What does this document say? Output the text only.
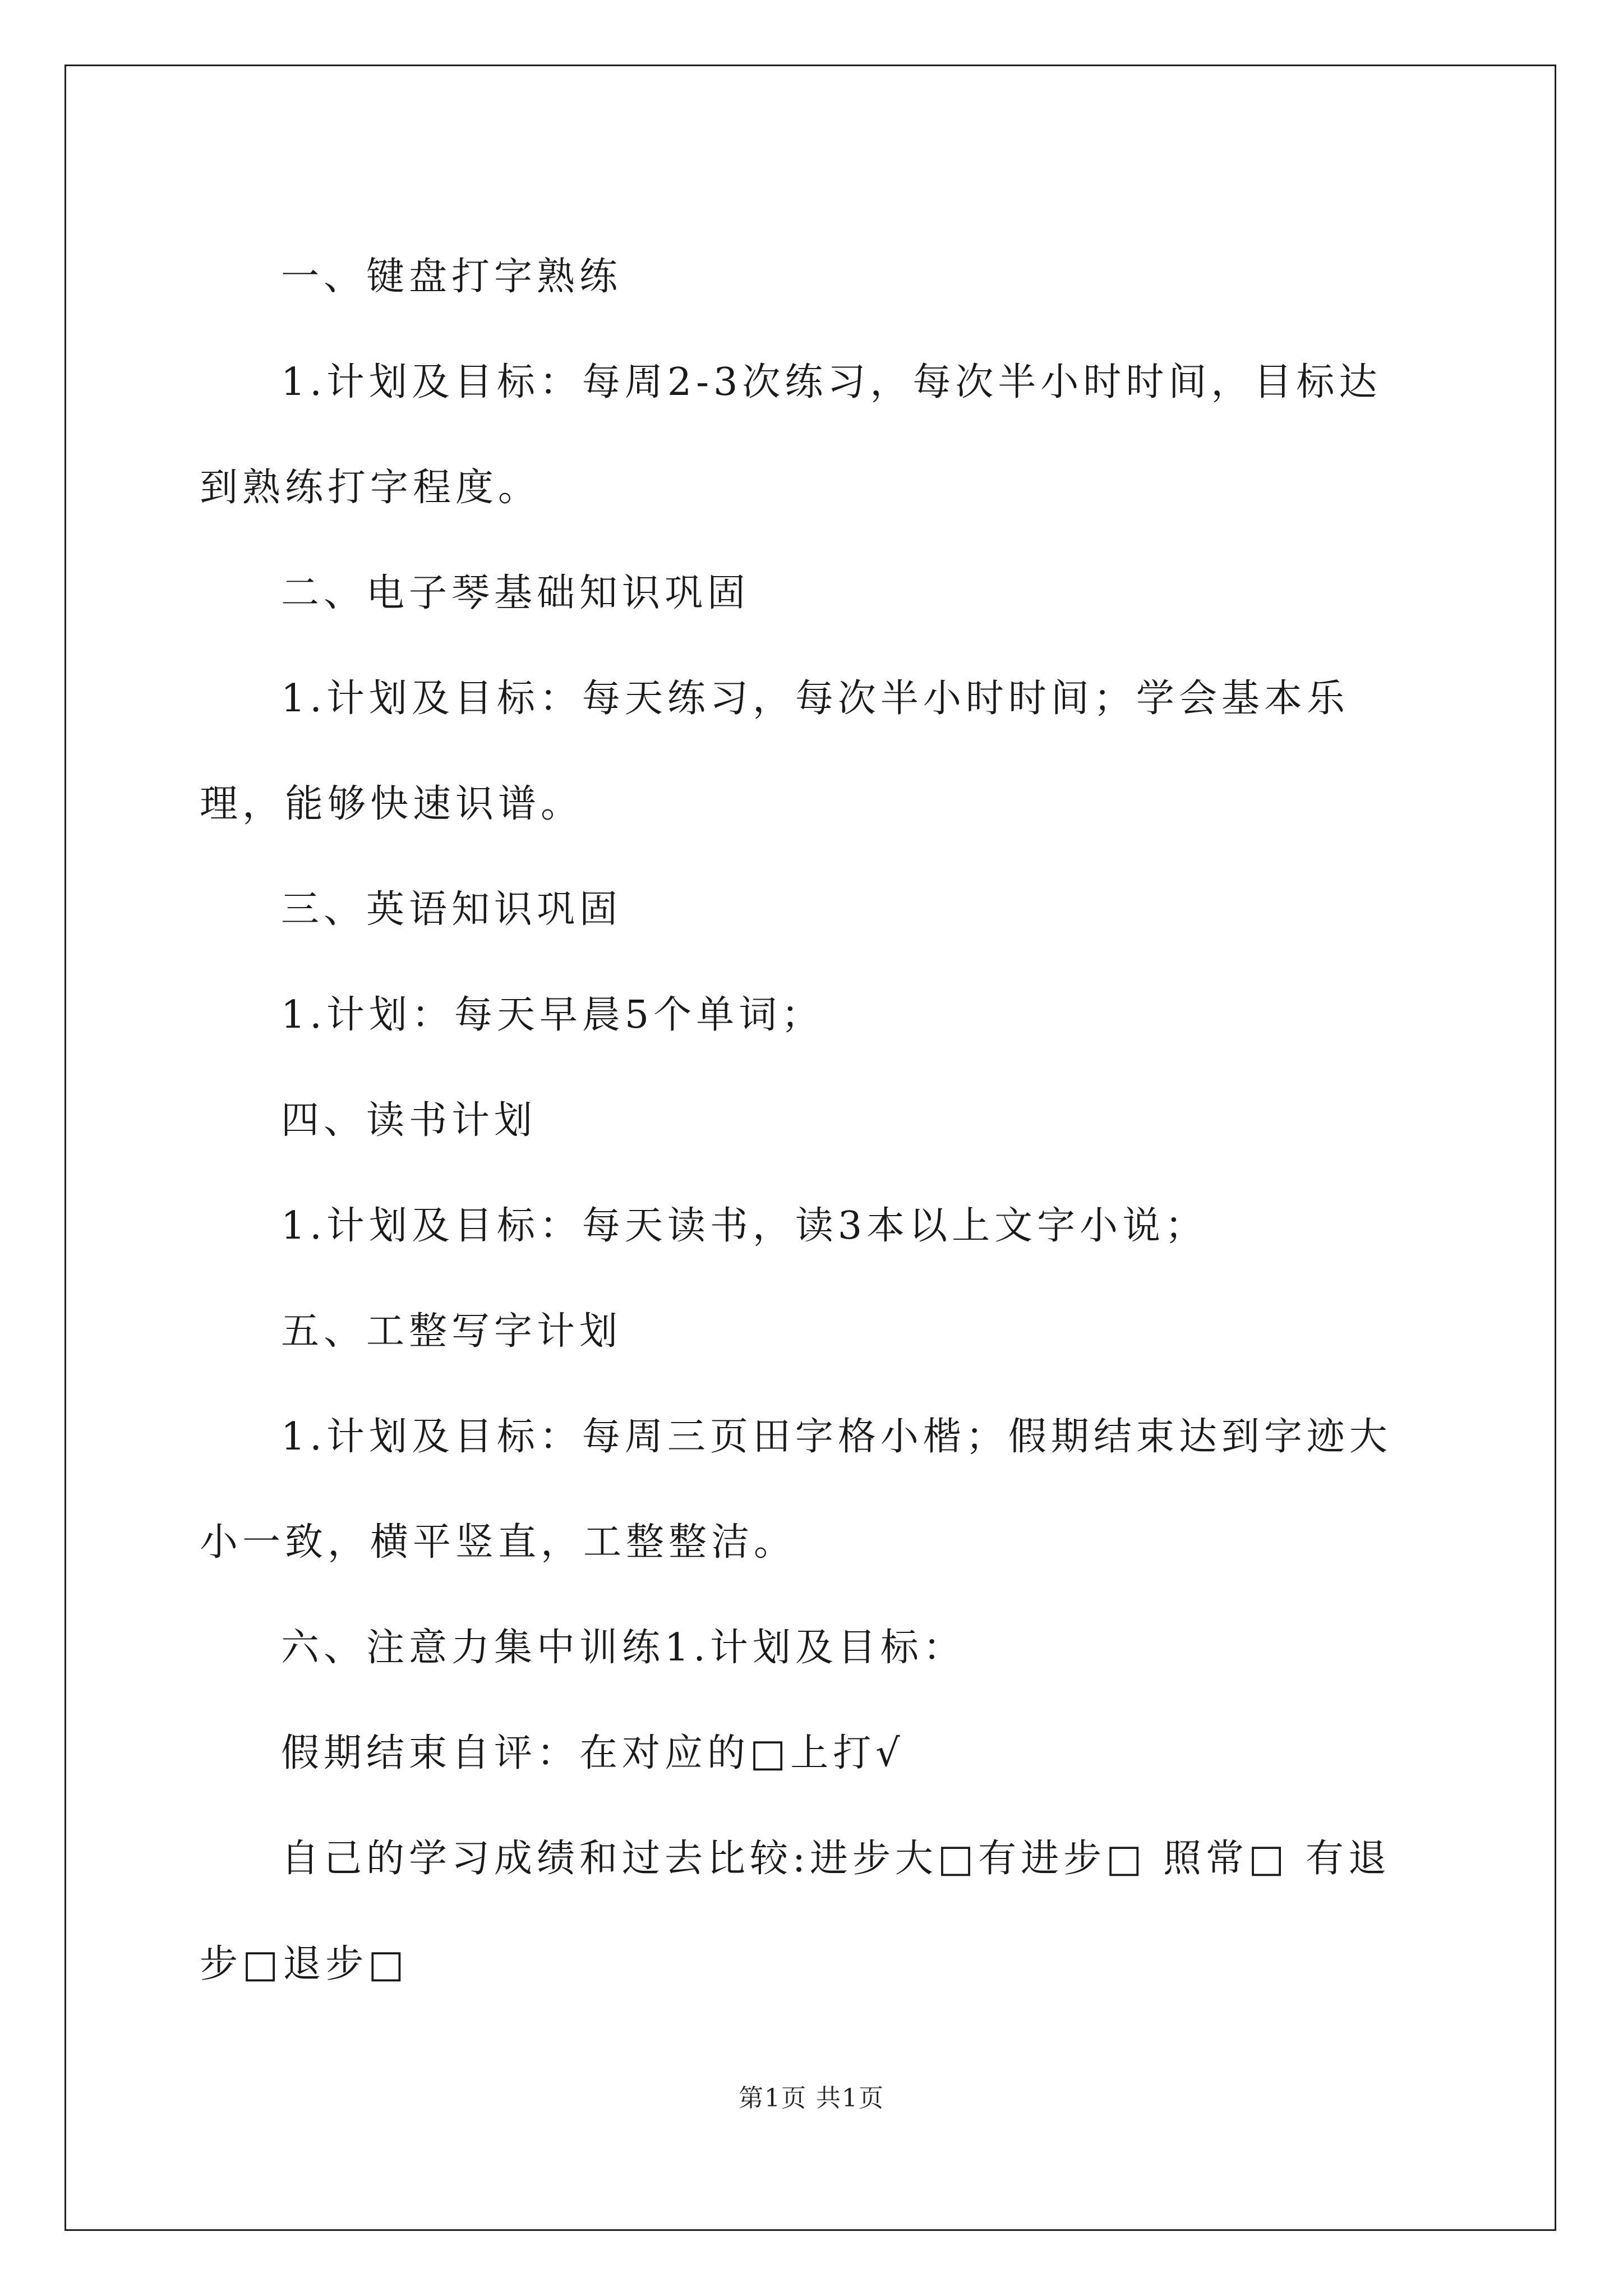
一、键盘打字熟练

1.计划及目标：每周2-3次练习，每次半小时时间，目标达到熟练打字程度。

二、电子琴基础知识巩固

1.计划及目标：每天练习，每次半小时时间；学会基本乐理，能够快速识谱。

三、英语知识巩固

1.计划：每天早晨5个单词；

四、读书计划

1.计划及目标：每天读书，读3本以上文字小说；

五、工整写字计划

1.计划及目标：每周三页田字格小楷；假期结束达到字迹大小一致，横平竖直，工整整洁。

六、注意力集中训练1.计划及目标：

假期结束自评：在对应的□上打√

自己的学习成绩和过去比较:进步大□有进步□ 照常□ 有退步□退步□

第1页 共1页
